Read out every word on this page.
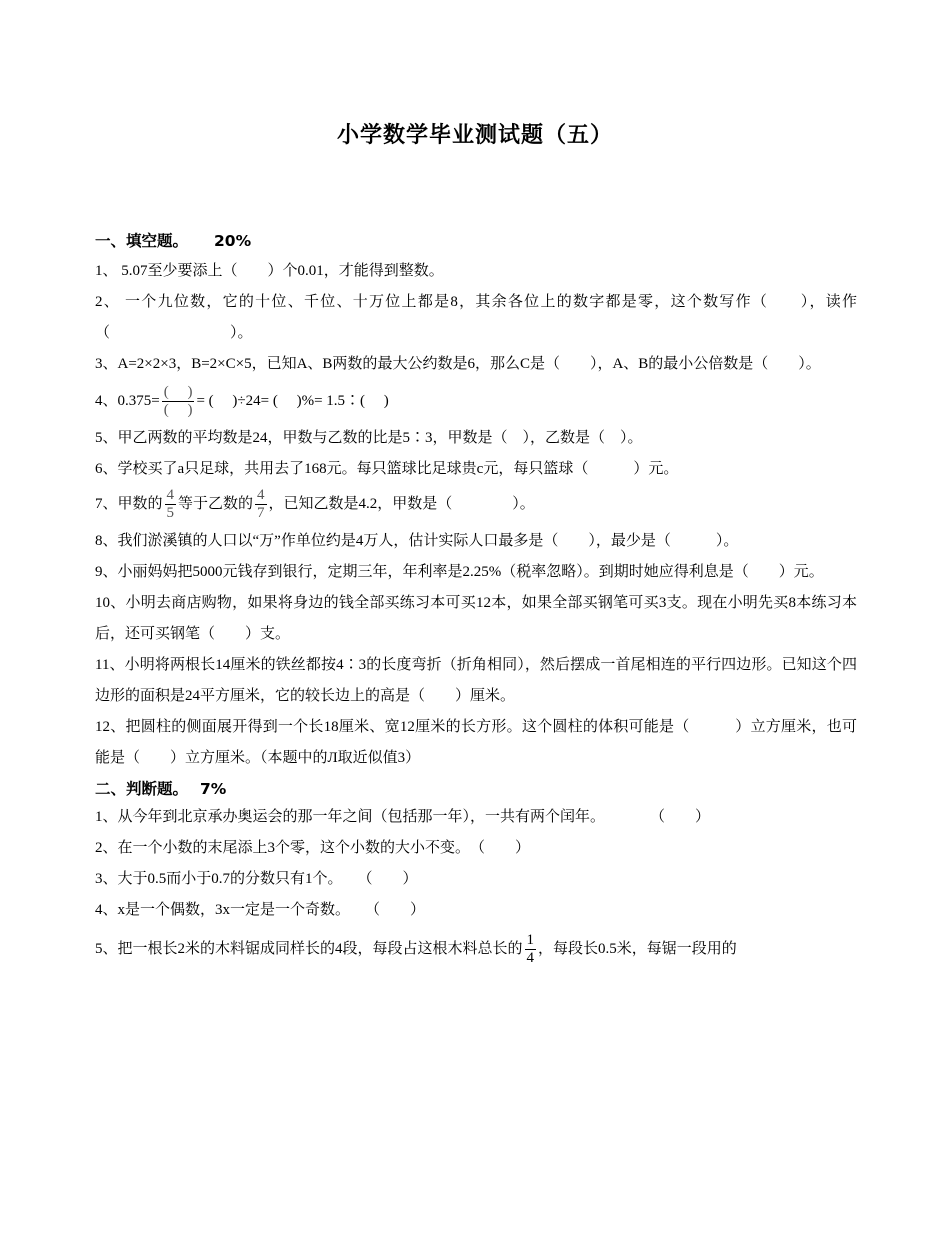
小学数学毕业测试题（五）
一、填空题。 20%

1、 5.07至少要添上（　　）个0.01，才能得到整数。

2、 一个九位数，它的十位、千位、十万位上都是8，其余各位上的数字都是零，这个数写作（　　），读作（　　　　　　　　）。

3、A=2×2×3，B=2×C×5，已知A、B两数的最大公约数是6，那么C是（　　），A、B的最小公倍数是（　　）。

4、$0.375= \frac{( )}{( )}$ = (　 )÷24= (　 )%= 1.5∶(　 )

5、甲乙两数的平均数是24，甲数与乙数的比是5∶3，甲数是（　），乙数是（　）。

6、学校买了a只足球，共用去了168元。每只篮球比足球贵c元，每只篮球（　　　）元。

7、甲数的 $\frac{4}{5}$ 等于乙数的 $\frac{4}{7}$ ，已知乙数是4.2，甲数是（　　　　）。

8、我们淤溪镇的人口以“万”作单位约是4万人，估计实际人口最多是（　　），最少是（　　　）。

9、小丽妈妈把5000元钱存到银行，定期三年，年利率是2.25%（税率忽略）。到期时她应得利息是（　　）元。

10、小明去商店购物，如果将身边的钱全部买练习本可买12本，如果全部买钢笔可买3支。现在小明先买8本练习本后，还可买钢笔（　　）支。

11、小明将两根长14厘米的铁丝都按4∶3的长度弯折（折角相同），然后摆成一首尾相连的平行四边形。已知这个四边形的面积是24平方厘米，它的较长边上的高是（　　）厘米。

12、把圆柱的侧面展开得到一个长18厘米、宽12厘米的长方形。这个圆柱的体积可能是（　　　）立方厘米，也可能是（　　）立方厘米。（本题中的Л取近似值3）

二、判断题。 7%

1、从今年到北京承办奥运会的那一年之间（包括那一年），一共有两个闰年。　　　　（　　）

2、在一个小数的末尾添上3个零，这个小数的大小不变。　（　　）

3、大于0.5而小于0.7的分数只有1个。　　（　　）

4、x是一个偶数，3x一定是一个奇数。　　（　　）

5、把一根长2米的木料锯成同样长的4段，每段占这根木料总长的 $\frac{1}{4}$ ，每段长0.5米，每锯一段用的
